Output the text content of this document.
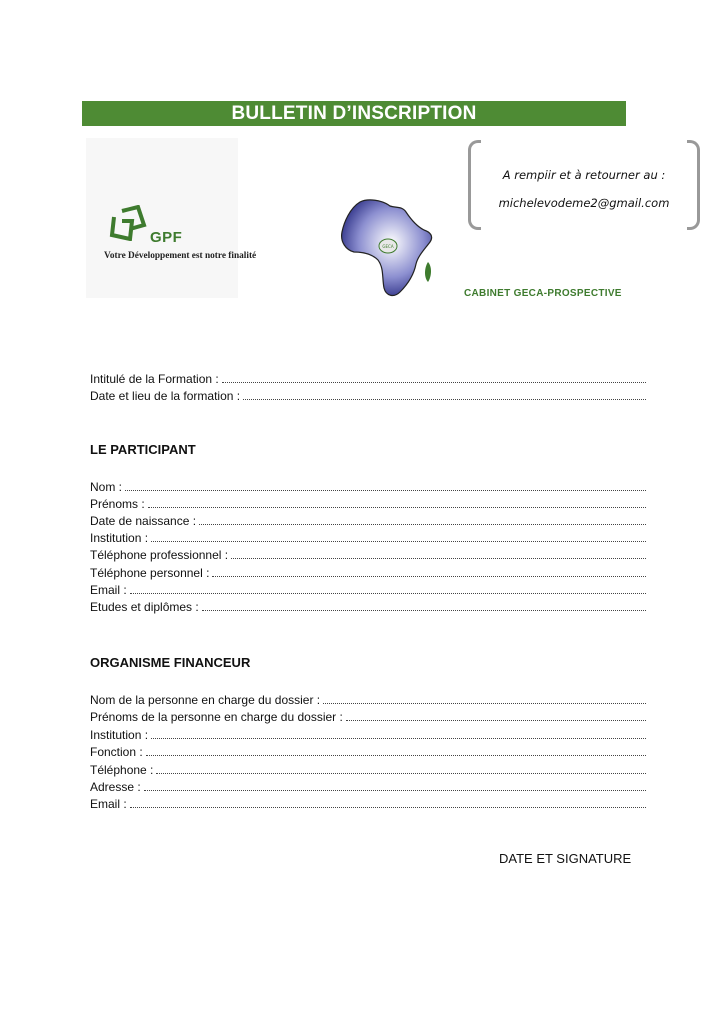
BULLETIN D’INSCRIPTION
GPF
Votre Développement est notre finalité
GECA
CABINET GECA-PROSPECTIVE
A rempiir et à retourner au :
michelevodeme2@gmail.com
Intitulé de la Formation :
Date et lieu de la formation :
LE PARTICIPANT
Nom :
Prénoms :
Date de naissance :
Institution :
Téléphone professionnel :
Téléphone personnel :
Email :
Etudes et diplômes :
ORGANISME FINANCEUR
Nom de la personne en charge du dossier :
Prénoms de la personne en charge du dossier :
Institution :
Fonction :
Téléphone :
Adresse :
Email :
DATE ET SIGNATURE
